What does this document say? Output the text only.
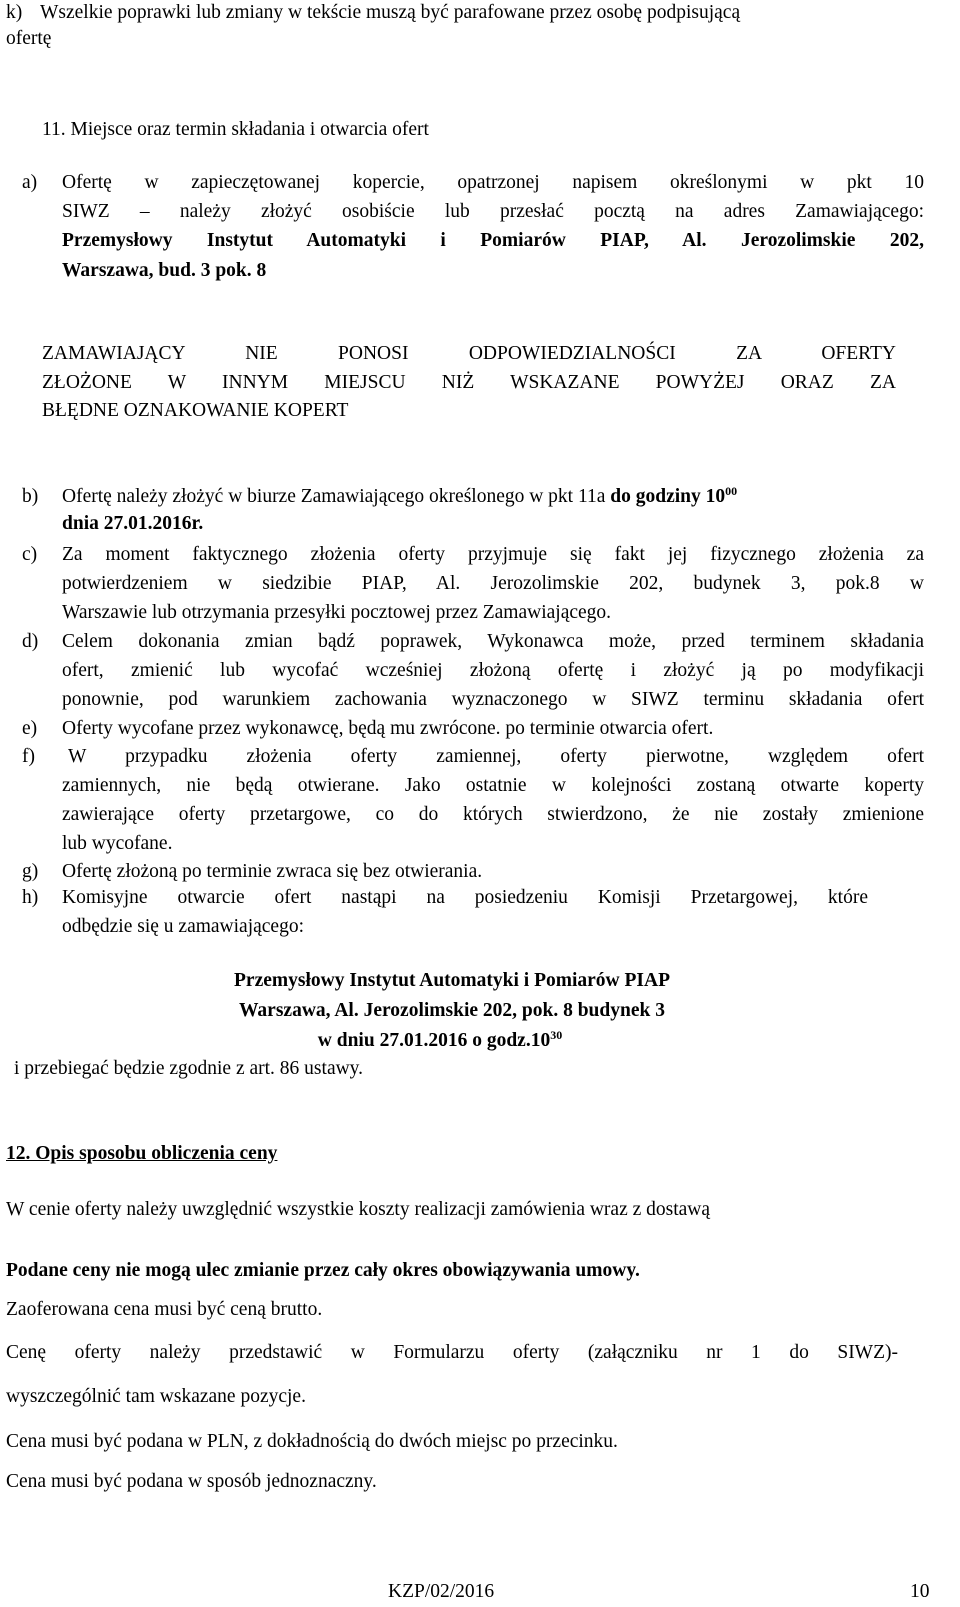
k) Wszelkie poprawki lub zmiany w tekście muszą być parafowane przez osobę podpisującą
ofertę
11. Miejsce oraz termin składania i otwarcia ofert
a) Ofertę w zapieczętowanej kopercie, opatrzonej napisem określonymi w pkt 10
SIWZ – należy złożyć osobiście lub przesłać pocztą na adres Zamawiającego:
Przemysłowy Instytut Automatyki i Pomiarów PIAP, Al. Jerozolimskie 202,
Warszawa, bud. 3 pok. 8
ZAMAWIAJĄCY NIE PONOSI ODPOWIEDZIALNOŚCI ZA OFERTY
ZŁOŻONE W INNYM MIEJSCU NIŻ WSKAZANE POWYŻEJ ORAZ ZA
BŁĘDNE OZNAKOWANIE KOPERT
b) Ofertę należy złożyć w biurze Zamawiającego określonego w pkt 11a do godziny $10^{00}$
dnia 27.01.2016r.
c) Za moment faktycznego złożenia oferty przyjmuje się fakt jej fizycznego złożenia za
potwierdzeniem w siedzibie PIAP, Al. Jerozolimskie 202, budynek 3, pok.8 w
Warszawie lub otrzymania przesyłki pocztowej przez Zamawiającego.
d) Celem dokonania zmian bądź poprawek, Wykonawca może, przed terminem składania
ofert, zmienić lub wycofać wcześniej złożoną ofertę i złożyć ją po modyfikacji
ponownie, pod warunkiem zachowania wyznaczonego w SIWZ terminu składania ofert
e) Oferty wycofane przez wykonawcę, będą mu zwrócone. po terminie otwarcia ofert.
f) W przypadku złożenia oferty zamiennej, oferty pierwotne, względem ofert
zamiennych, nie będą otwierane. Jako ostatnie w kolejności zostaną otwarte koperty
zawierające oferty przetargowe, co do których stwierdzono, że nie zostały zmienione
lub wycofane.
g) Ofertę złożoną po terminie zwraca się bez otwierania.
h) Komisyjne otwarcie ofert nastąpi na posiedzeniu Komisji Przetargowej, które
odbędzie się u zamawiającego:
Przemysłowy Instytut Automatyki i Pomiarów PIAP
Warszawa, Al. Jerozolimskie 202, pok. 8 budynek 3
w dniu 27.01.2016 o $godz.10^{30}$
i przebiegać będzie zgodnie z art. 86 ustawy.
12. Opis sposobu obliczenia ceny
W cenie oferty należy uwzględnić wszystkie koszty realizacji zamówienia wraz z dostawą
Podane ceny nie mogą ulec zmianie przez cały okres obowiązywania umowy.
Zaoferowana cena musi być ceną brutto.
Cenę oferty należy przedstawić w Formularzu oferty (załączniku nr 1 do SIWZ)-
wyszczególnić tam wskazane pozycje.
Cena musi być podana w PLN, z dokładnością do dwóch miejsc po przecinku.
Cena musi być podana w sposób jednoznaczny.
KZP/02/2016	10
